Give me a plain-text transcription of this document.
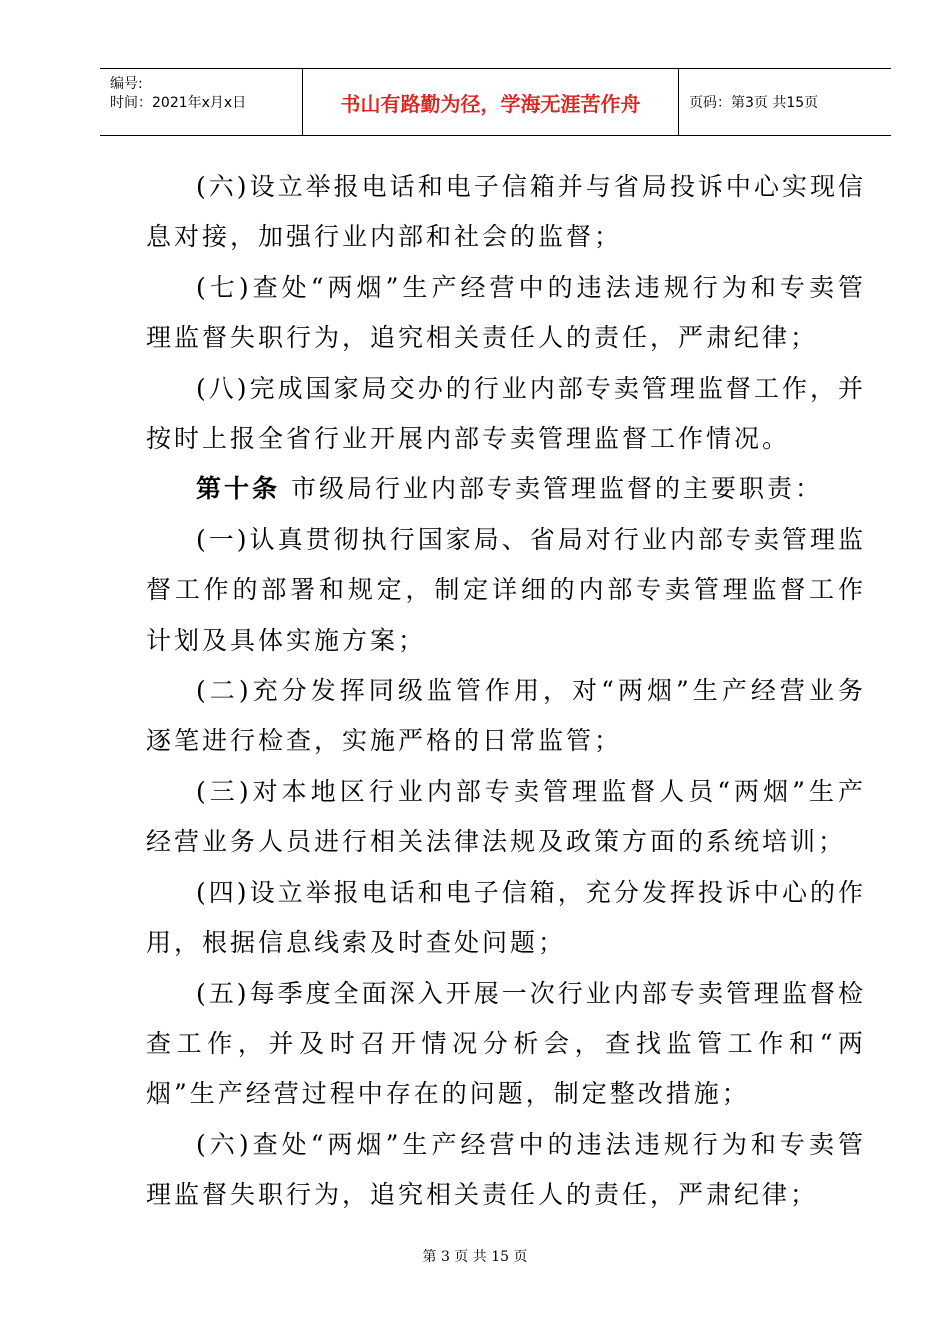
编号:
时间：2021年x月x日	书山有路勤为径，学海无涯苦作舟	页码：第3页 共15页

(六)设立举报电话和电子信箱并与省局投诉中心实现信息对接，加强行业内部和社会的监督；

(七)查处“两烟”生产经营中的违法违规行为和专卖管理监督失职行为，追究相关责任人的责任，严肃纪律；

(八)完成国家局交办的行业内部专卖管理监督工作，并按时上报全省行业开展内部专卖管理监督工作情况。

第十条 市级局行业内部专卖管理监督的主要职责：

(一)认真贯彻执行国家局、省局对行业内部专卖管理监督工作的部署和规定，制定详细的内部专卖管理监督工作计划及具体实施方案；

(二)充分发挥同级监管作用，对“两烟”生产经营业务逐笔进行检查，实施严格的日常监管；

(三)对本地区行业内部专卖管理监督人员“两烟”生产经营业务人员进行相关法律法规及政策方面的系统培训；

(四)设立举报电话和电子信箱，充分发挥投诉中心的作用，根据信息线索及时查处问题；

(五)每季度全面深入开展一次行业内部专卖管理监督检查工作，并及时召开情况分析会，查找监管工作和“两烟”生产经营过程中存在的问题，制定整改措施；

(六)查处“两烟”生产经营中的违法违规行为和专卖管理监督失职行为，追究相关责任人的责任，严肃纪律；

第 3 页 共 15 页
